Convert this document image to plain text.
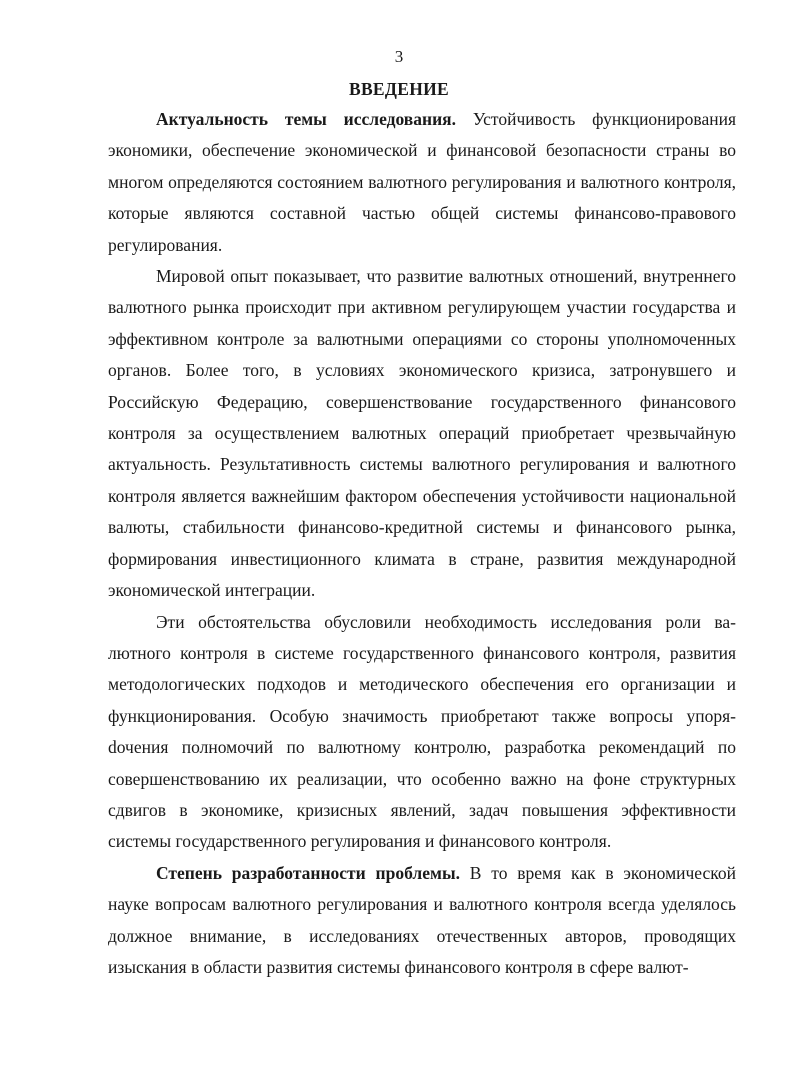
3
ВВЕДЕНИЕ

Актуальность темы исследования. Устойчивость функционирования экономики, обеспечение экономической и финансовой безопасности страны во многом определяются состоянием валютного регулирования и валютного контроля, которые являются составной частью общей системы финансово-правового регулирования.

Мировой опыт показывает, что развитие валютных отношений, внутреннего валютного рынка происходит при активном регулирующем участии государства и эффективном контроле за валютными операциями со стороны уполномоченных органов. Более того, в условиях экономического кризиса, затронувшего и Российскую Федерацию, совершенствование государственного финансового контроля за осуществлением валютных операций приобретает чрезвычайную актуальность. Результативность системы валютного регулирования и валютного контроля является важнейшим фактором обеспечения устойчивости национальной валюты, стабильности финансово-кредитной системы и финансового рынка, формирования инвестиционного климата в стране, развития международной экономической интеграции.

Эти обстоятельства обусловили необходимость исследования роли валютного контроля в системе государственного финансового контроля, развития методологических подходов и методического обеспечения его организации и функционирования. Особую значимость приобретают также вопросы упоряdочения полномочий по валютному контролю, разработка рекомендаций по совершенствованию их реализации, что особенно важно на фоне структурных сдвигов в экономике, кризисных явлений, задач повышения эффективности системы государственного регулирования и финансового контроля.

Степень разработанности проблемы. В то время как в экономической науке вопросам валютного регулирования и валютного контроля всегда уделялось должное внимание, в исследованиях отечественных авторов, проводящих изыскания в области развития системы финансового контроля в сфере валют-
